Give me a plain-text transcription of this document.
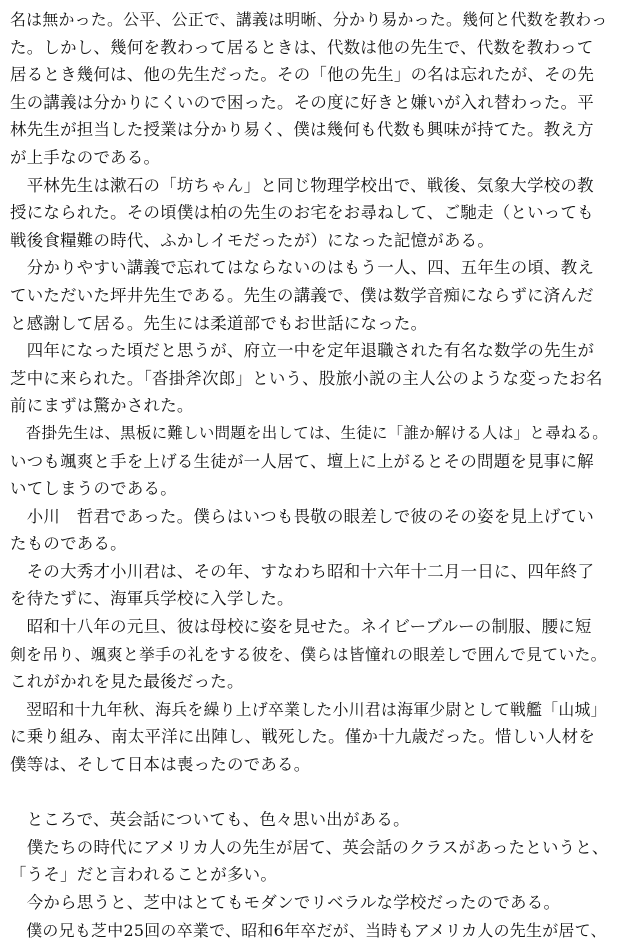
名は無かった。公平、公正で、講義は明晰、分かり易かった。幾何と代数を教わっ
た。しかし、幾何を教わって居るときは、代数は他の先生で、代数を教わって
居るとき幾何は、他の先生だった。その「他の先生」の名は忘れたが、その先
生の講義は分かりにくいので困った。その度に好きと嫌いが入れ替わった。平
林先生が担当した授業は分かり易く、僕は幾何も代数も興味が持てた。教え方
が上手なのである。
　平林先生は漱石の「坊ちゃん」と同じ物理学校出で、戦後、気象大学校の教
授になられた。その頃僕は柏の先生のお宅をお尋ねして、ご馳走（といっても
戦後食糧難の時代、ふかしイモだったが）になった記憶がある。
　分かりやすい講義で忘れてはならないのはもう一人、四、五年生の頃、教え
ていただいた坪井先生である。先生の講義で、僕は数学音痴にならずに済んだ
と感謝して居る。先生には柔道部でもお世話になった。
　四年になった頃だと思うが、府立一中を定年退職された有名な数学の先生が
芝中に来られた。「沓掛斧次郎」という、股旅小説の主人公のような変ったお名
前にまずは驚かされた。
　沓掛先生は、黒板に難しい問題を出しては、生徒に「誰か解ける人は」と尋ねる。
いつも颯爽と手を上げる生徒が一人居て、壇上に上がるとその問題を見事に解
いてしまうのである。
　小川　哲君であった。僕らはいつも畏敬の眼差しで彼のその姿を見上げてい
たものである。
　その大秀才小川君は、その年、すなわち昭和十六年十二月一日に、四年終了
を待たずに、海軍兵学校に入学した。
　昭和十八年の元旦、彼は母校に姿を見せた。ネイビーブルーの制服、腰に短
剣を吊り、颯爽と挙手の礼をする彼を、僕らは皆憧れの眼差しで囲んで見ていた。
これがかれを見た最後だった。
　翌昭和十九年秋、海兵を繰り上げ卒業した小川君は海軍少尉として戦艦「山城」
に乗り組み、南太平洋に出陣し、戦死した。僅か十九歳だった。惜しい人材を
僕等は、そして日本は喪ったのである。
　ところで、英会話についても、色々思い出がある。
　僕たちの時代にアメリカ人の先生が居て、英会話のクラスがあったというと、
「うそ」だと言われることが多い。
　今から思うと、芝中はとてもモダンでリベラルな学校だったのである。
　僕の兄も芝中25回の卒業で、昭和6年卒だが、当時もアメリカ人の先生が居て、
